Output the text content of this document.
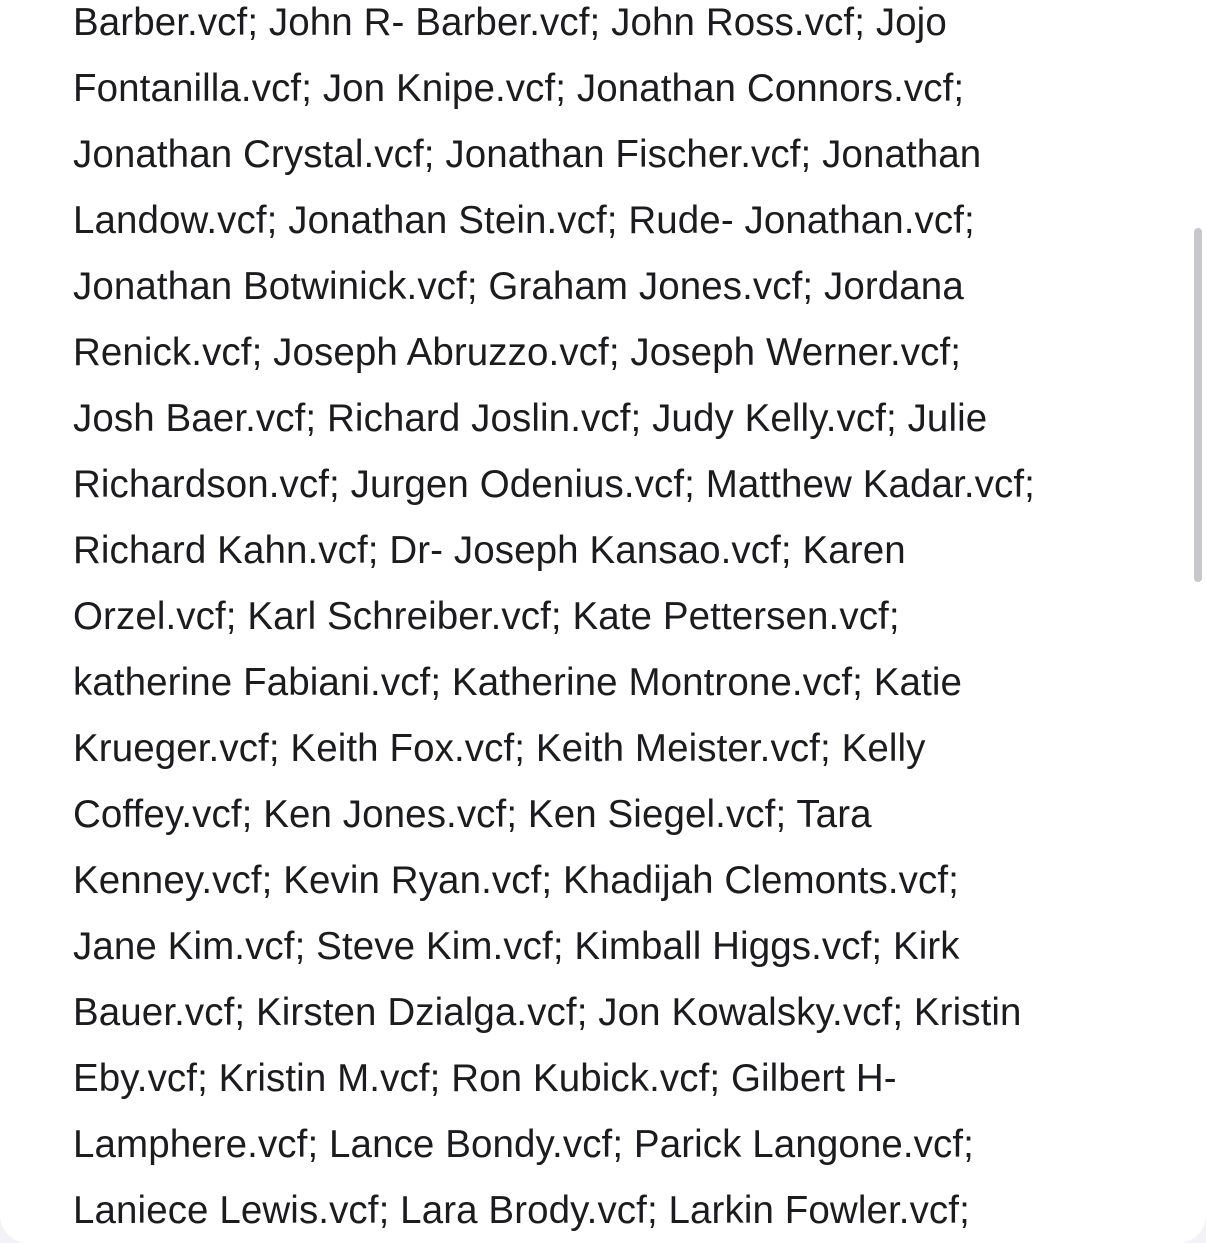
Barber.vcf; John R- Barber.vcf; John Ross.vcf; Jojo
Fontanilla.vcf; Jon Knipe.vcf; Jonathan Connors.vcf;
Jonathan Crystal.vcf; Jonathan Fischer.vcf; Jonathan
Landow.vcf; Jonathan Stein.vcf; Rude- Jonathan.vcf;
Jonathan Botwinick.vcf; Graham Jones.vcf; Jordana
Renick.vcf; Joseph Abruzzo.vcf; Joseph Werner.vcf;
Josh Baer.vcf; Richard Joslin.vcf; Judy Kelly.vcf; Julie
Richardson.vcf; Jurgen Odenius.vcf; Matthew Kadar.vcf;
Richard Kahn.vcf; Dr- Joseph Kansao.vcf; Karen
Orzel.vcf; Karl Schreiber.vcf; Kate Pettersen.vcf;
katherine Fabiani.vcf; Katherine Montrone.vcf; Katie
Krueger.vcf; Keith Fox.vcf; Keith Meister.vcf; Kelly
Coffey.vcf; Ken Jones.vcf; Ken Siegel.vcf; Tara
Kenney.vcf; Kevin Ryan.vcf; Khadijah Clemonts.vcf;
Jane Kim.vcf; Steve Kim.vcf; Kimball Higgs.vcf; Kirk
Bauer.vcf; Kirsten Dzialga.vcf; Jon Kowalsky.vcf; Kristin
Eby.vcf; Kristin M.vcf; Ron Kubick.vcf; Gilbert H-
Lamphere.vcf; Lance Bondy.vcf; Parick Langone.vcf;
Laniece Lewis.vcf; Lara Brody.vcf; Larkin Fowler.vcf;
